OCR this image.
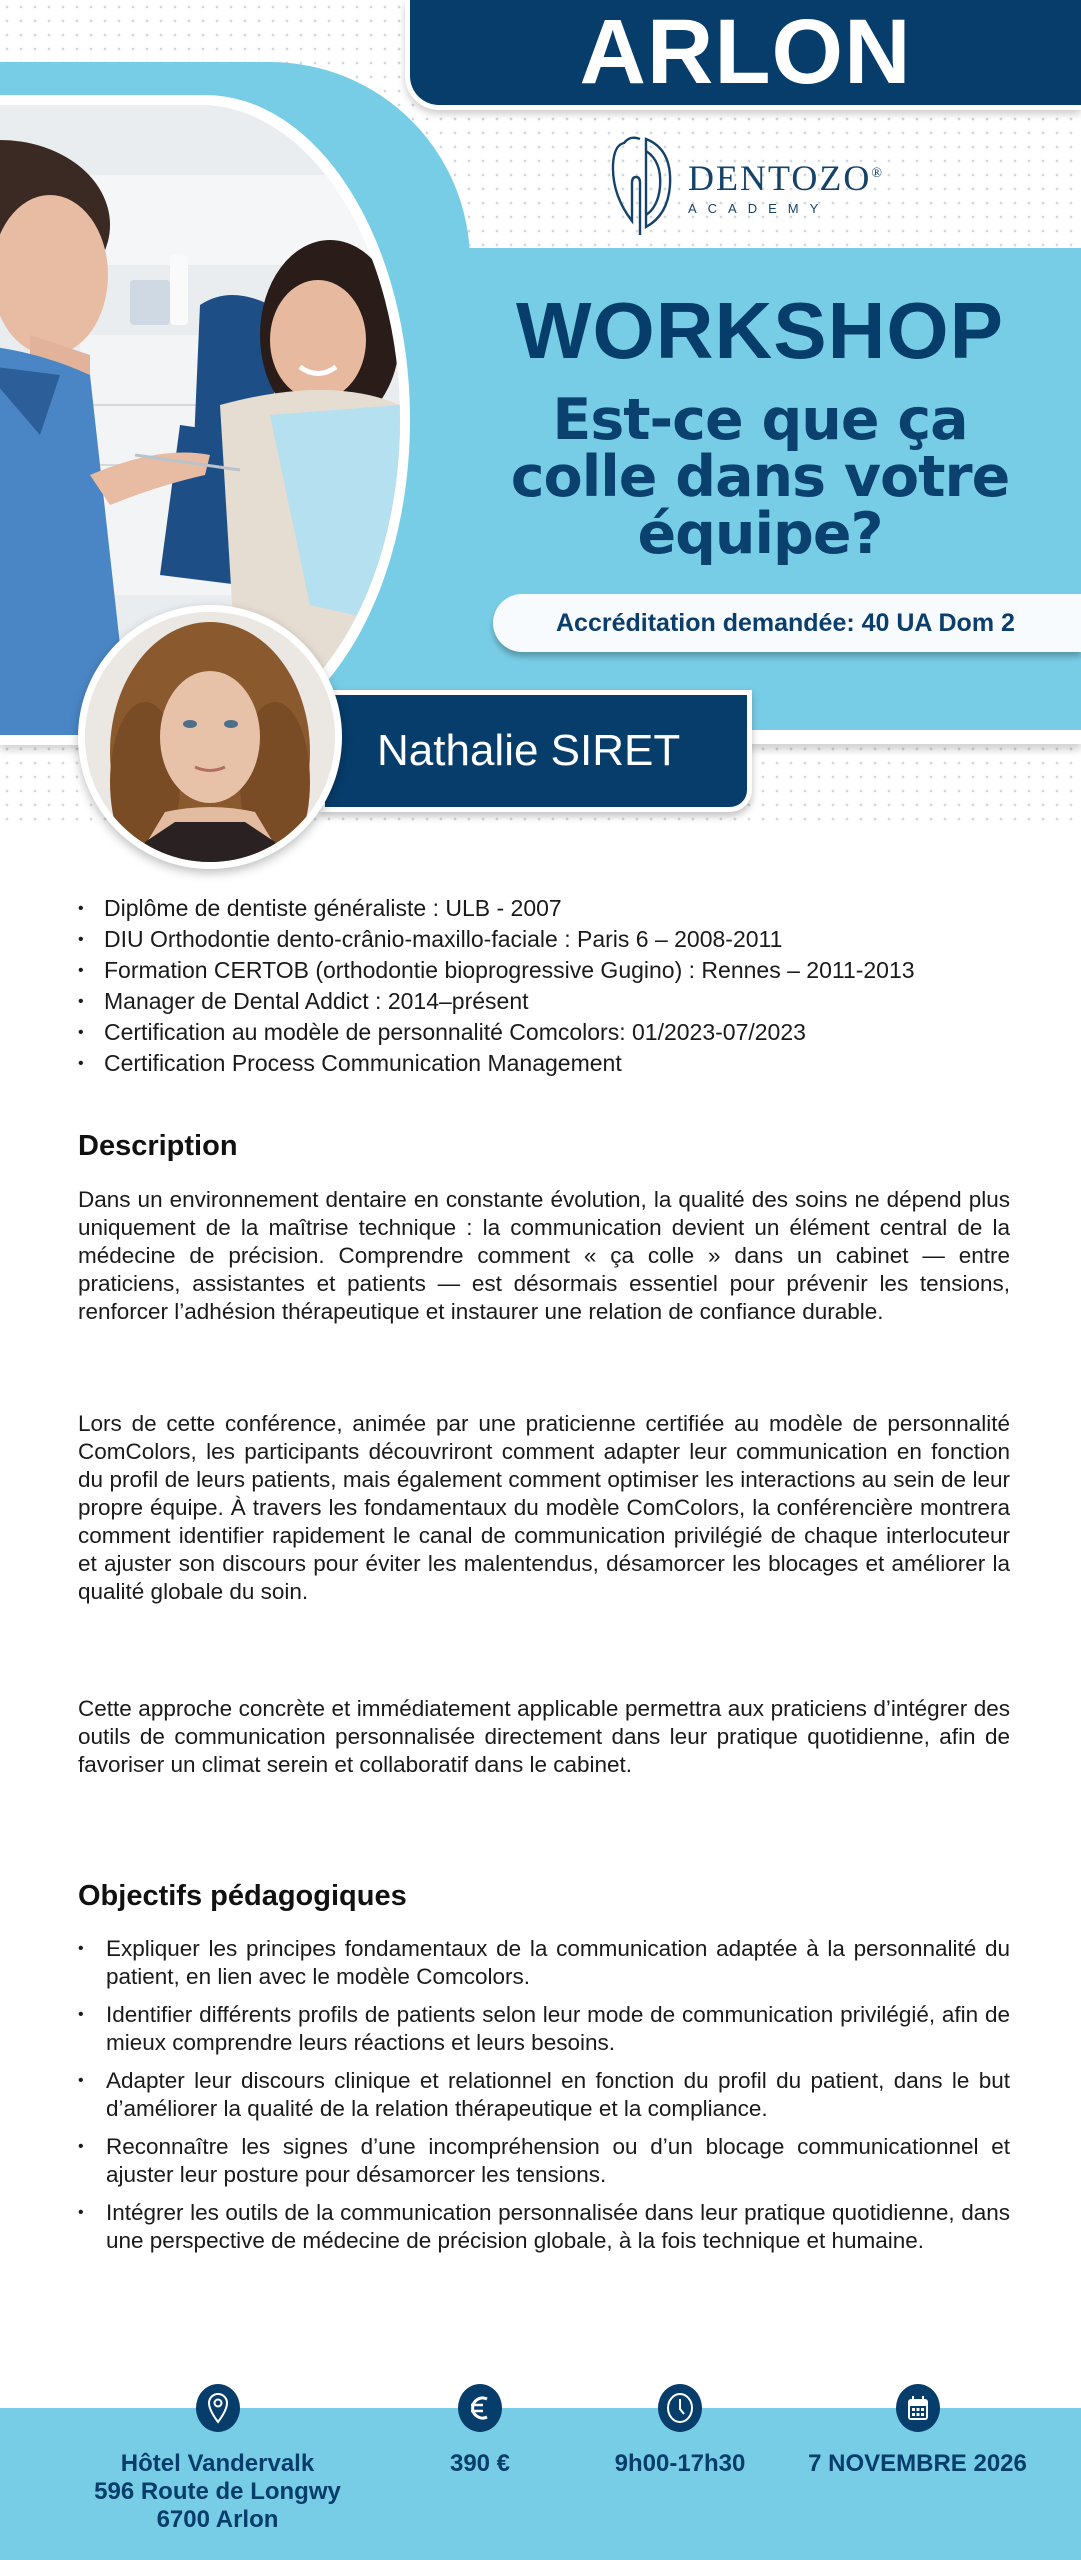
ARLON
DENTOZO®
ACADEMY
WORKSHOP
Est-ce que ça
colle dans votre
équipe?
Accréditation demandée: 40 UA Dom 2
Nathalie SIRET
• Diplôme de dentiste généraliste : ULB - 2007
• DIU Orthodontie dento-crânio-maxillo-faciale : Paris 6 – 2008-2011
• Formation CERTOB (orthodontie bioprogressive Gugino) : Rennes – 2011-2013
• Manager de Dental Addict : 2014–présent
• Certification au modèle de personnalité Comcolors: 01/2023-07/2023
• Certification Process Communication Management
Description

Dans un environnement dentaire en constante évolution, la qualité des soins ne dépend plus uniquement de la maîtrise technique : la communication devient un élément central de la médecine de précision. Comprendre comment « ça colle » dans un cabinet — entre praticiens, assistantes et patients — est désormais essentiel pour prévenir les tensions, renforcer l’adhésion thérapeutique et instaurer une relation de confiance durable.

Lors de cette conférence, animée par une praticienne certifiée au modèle de personnalité ComColors, les participants découvriront comment adapter leur communication en fonction du profil de leurs patients, mais également comment optimiser les interactions au sein de leur propre équipe. À travers les fondamentaux du modèle ComColors, la conférencière montrera comment identifier rapidement le canal de communication privilégié de chaque interlocuteur et ajuster son discours pour éviter les malentendus, désamorcer les blocages et améliorer la qualité globale du soin.

Cette approche concrète et immédiatement applicable permettra aux praticiens d’intégrer des outils de communication personnalisée directement dans leur pratique quotidienne, afin de favoriser un climat serein et collaboratif dans le cabinet.

Objectifs pédagogiques
• Expliquer les principes fondamentaux de la communication adaptée à la personnalité du patient, en lien avec le modèle Comcolors.
• Identifier différents profils de patients selon leur mode de communication privilégié, afin de mieux comprendre leurs réactions et leurs besoins.
• Adapter leur discours clinique et relationnel en fonction du profil du patient, dans le but d’améliorer la qualité de la relation thérapeutique et la compliance.
• Reconnaître les signes d’une incompréhension ou d’un blocage communicationnel et ajuster leur posture pour désamorcer les tensions.
• Intégrer les outils de la communication personnalisée dans leur pratique quotidienne, dans une perspective de médecine de précision globale, à la fois technique et humaine.
Hôtel Vandervalk
596 Route de Longwy
6700 Arlon
390 €	9h00-17h30	7 NOVEMBRE 2026
